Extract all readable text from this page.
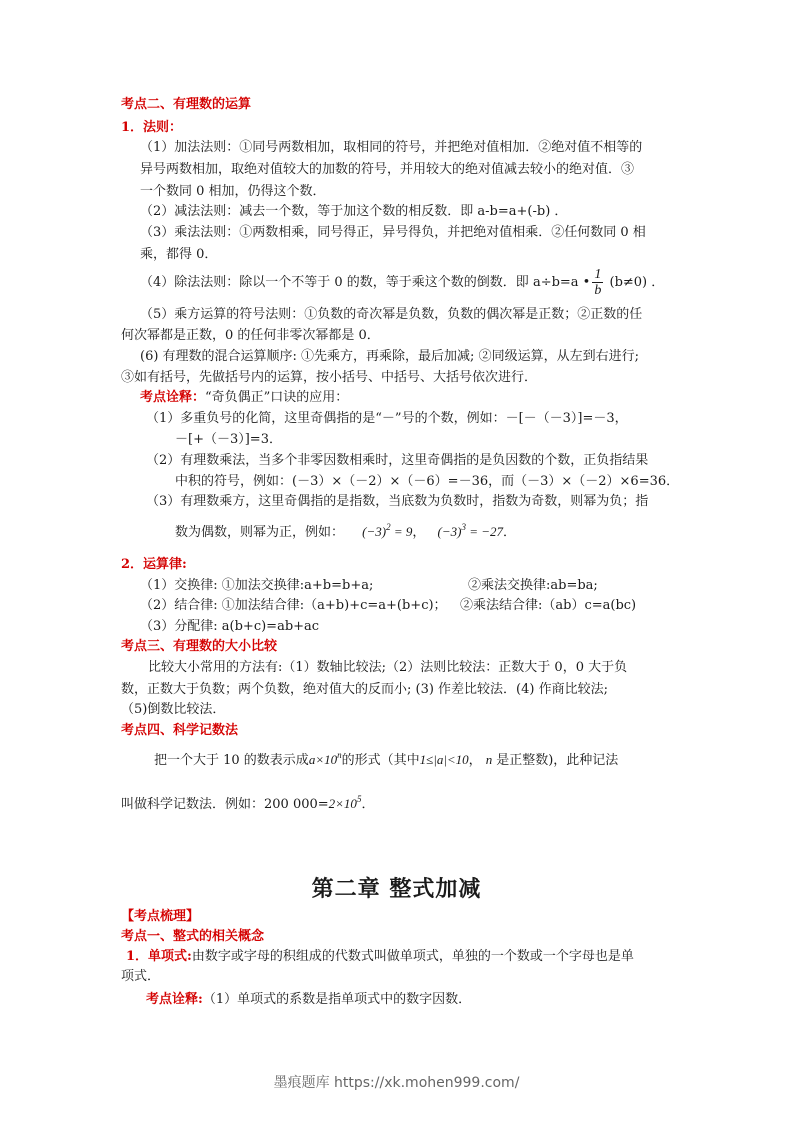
考点二、有理数的运算
1．法则：
（1）加法法则：①同号两数相加，取相同的符号，并把绝对值相加．②绝对值不相等的
异号两数相加，取绝对值较大的加数的符号，并用较大的绝对值减去较小的绝对值．③
一个数同 0 相加，仍得这个数．
（2）减法法则：减去一个数，等于加这个数的相反数．即 a-b=a+(-b) ．
（3）乘法法则：①两数相乘，同号得正，异号得负，并把绝对值相乘．②任何数同 0 相
乘，都得 0．
（4）除法法则：除以一个不等于 0 的数，等于乘这个数的倒数．即 a÷b=a • $\frac{1}{b} (b\ne 0)$ ．
（5）乘方运算的符号法则：①负数的奇次幂是负数，负数的偶次幂是正数；②正数的任
何次幂都是正数，0 的任何非零次幂都是 0．
(6) 有理数的混合运算顺序: ①先乘方，再乘除，最后加减; ②同级运算，从左到右进行;
③如有括号，先做括号内的运算，按小括号、中括号、大括号依次进行．
考点诠释：“奇负偶正”口诀的应用：
（1）多重负号的化简，这里奇偶指的是“－”号的个数，例如：－[－（－3）]=－3，
－[+（－3）]=3．
（2）有理数乘法，当多个非零因数相乘时，这里奇偶指的是负因数的个数，正负指结果
中积的符号，例如：(－3）×（－2）×（－6）=－36，而（－3）×（－2）×6=36．
（3）有理数乘方，这里奇偶指的是指数，当底数为负数时，指数为奇数，则幂为负；指
数为偶数，则幂为正，例如： $(-3)^2 = 9$， $(-3)^3 = -27$．
2．运算律:
（1）交换律: ①加法交换律:a+b=b+a;	②乘法交换律:ab=ba;
（2）结合律: ①加法结合律:（a+b)+c=a+(b+c)； ②乘法结合律:（ab）c=a(bc)
（3）分配律: a(b+c)=ab+ac
考点三、有理数的大小比较
比较大小常用的方法有:（1）数轴比较法;（2）法则比较法：正数大于 0，0 大于负
数，正数大于负数；两个负数，绝对值大的反而小; (3) 作差比较法．(4) 作商比较法;
（5)倒数比较法．
考点四、科学记数法
把一个大于 10 的数表示成$a\times 10^n$的形式（其中1≤|a|<10， n 是正整数)，此种记法
叫做科学记数法．例如：200 $000=2\times 10^5$．
第二章 整式加减
【考点梳理】
考点一、整式的相关概念
1．单项式:由数字或字母的积组成的代数式叫做单项式，单独的一个数或一个字母也是单
项式．
考点诠释:（1）单项式的系数是指单项式中的数字因数．
墨痕题库 https://xk.mohen999.com/
